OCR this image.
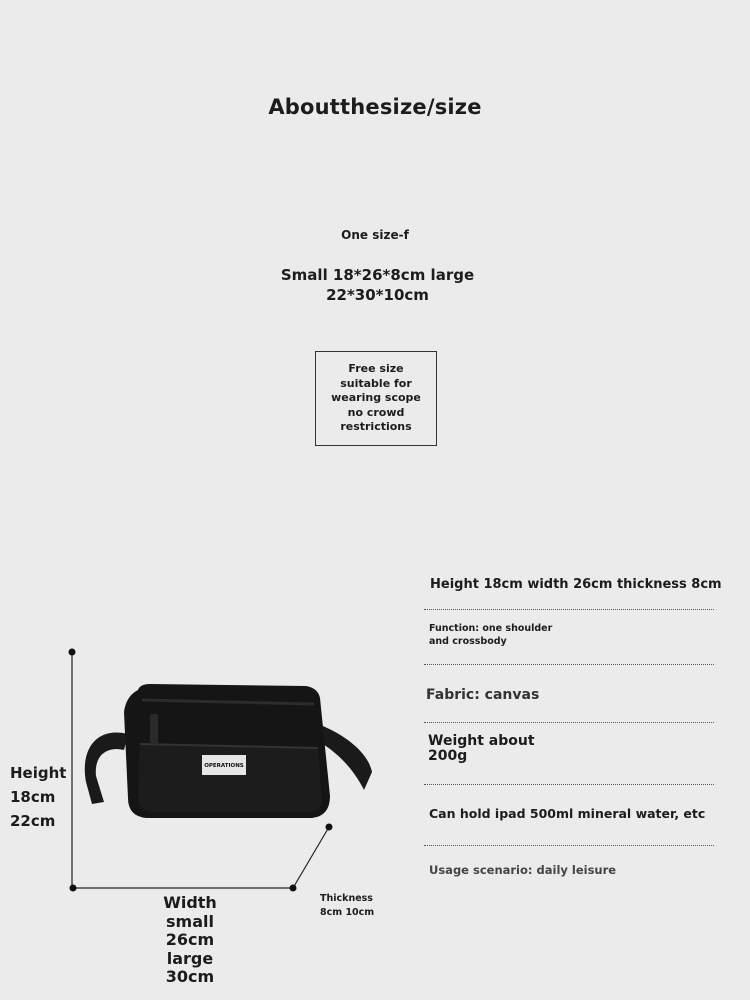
Aboutthesize/size
One size-f
Small 18*26*8cm large 22*30*10cm
Free size suitable for wearing scope no crowd restrictions
OPERATIONS
Height 18cm 22cm
Width small 26cm large 30cm
Thickness 8cm 10cm
Height 18cm width 26cm thickness 8cm
Function: one shoulder and crossbody
Fabric: canvas
Weight about 200g
Can hold ipad 500ml mineral water, etc
Usage scenario: daily leisure
